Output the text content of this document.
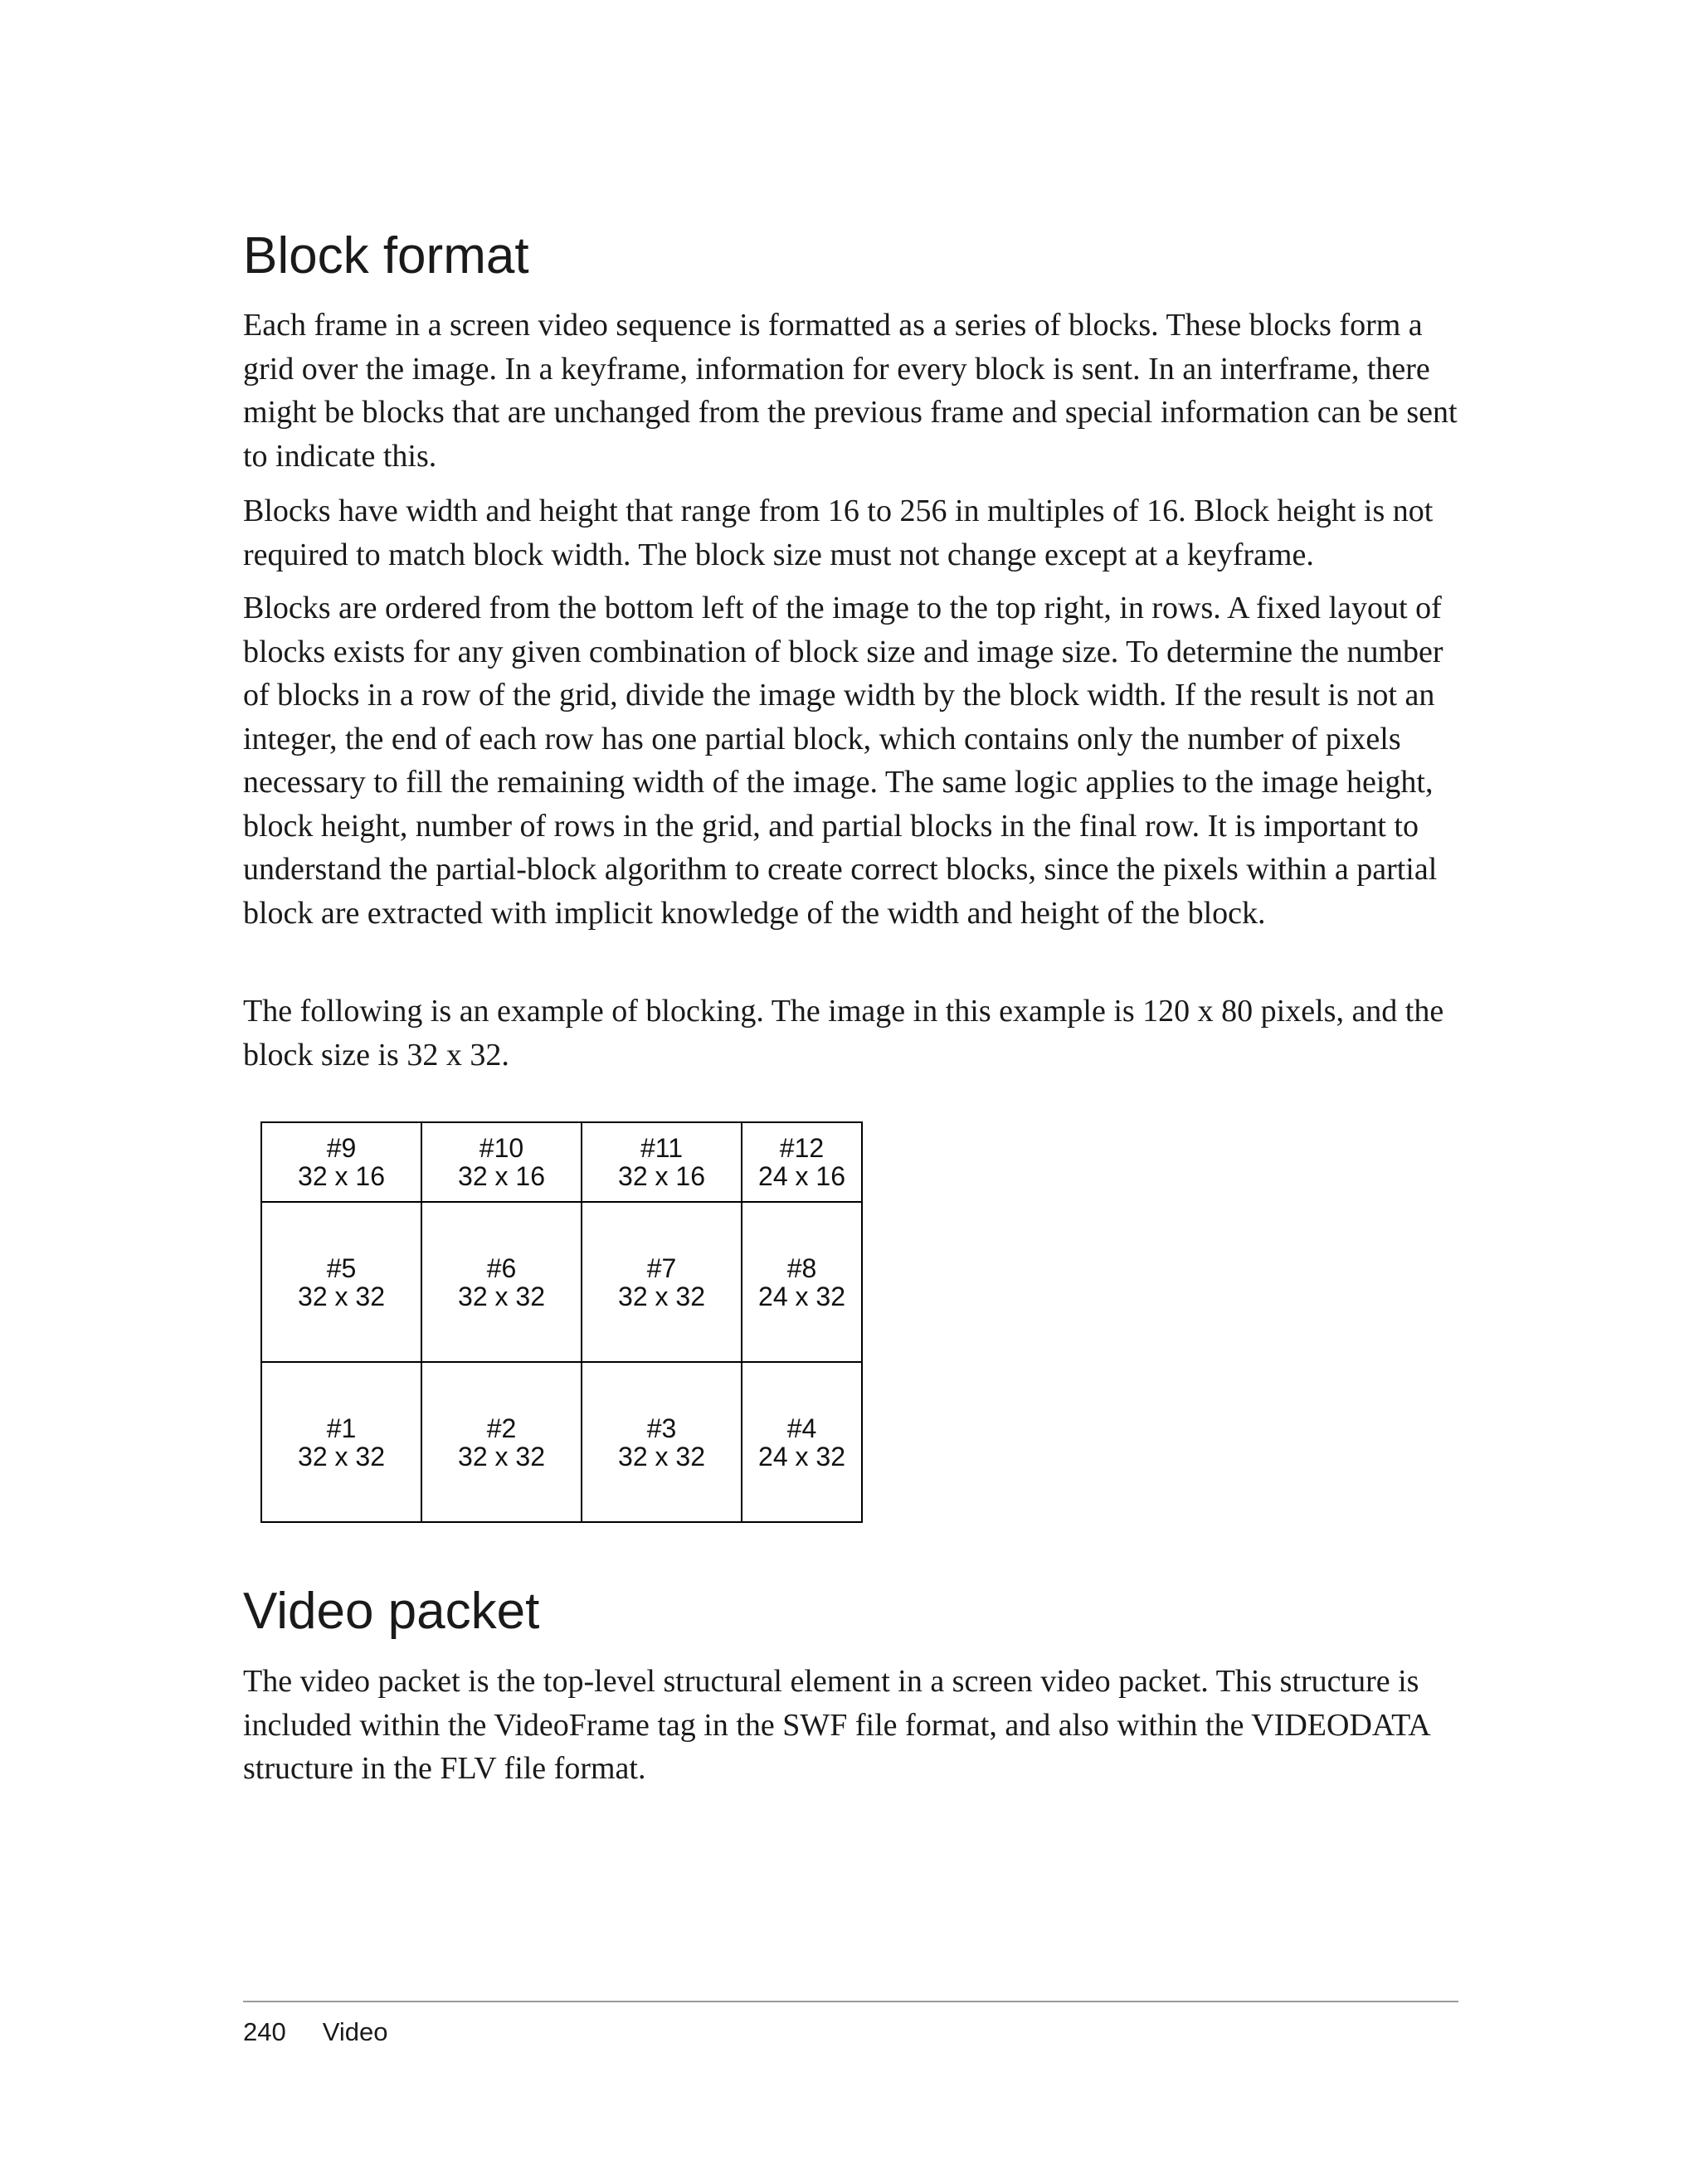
Block format

Each frame in a screen video sequence is formatted as a series of blocks. These blocks form a grid over the image. In a keyframe, information for every block is sent. In an interframe, there might be blocks that are unchanged from the previous frame and special information can be sent to indicate this.

Blocks have width and height that range from 16 to 256 in multiples of 16. Block height is not required to match block width. The block size must not change except at a keyframe.

Blocks are ordered from the bottom left of the image to the top right, in rows. A fixed layout of blocks exists for any given combination of block size and image size. To determine the number of blocks in a row of the grid, divide the image width by the block width. If the result is not an integer, the end of each row has one partial block, which contains only the number of pixels necessary to fill the remaining width of the image. The same logic applies to the image height, block height, number of rows in the grid, and partial blocks in the final row. It is important to understand the partial-block algorithm to create correct blocks, since the pixels within a partial block are extracted with implicit knowledge of the width and height of the block.

The following is an example of blocking. The image in this example is 120 x 80 pixels, and the block size is 32 x 32.

#9
32 x 16
#10
32 x 16
#11
32 x 16
#12
24 x 16
#5
32 x 32
#6
32 x 32
#7
32 x 32
#8
24 x 32
#1
32 x 32
#2
32 x 32
#3
32 x 32
#4
24 x 32
Video packet

The video packet is the top-level structural element in a screen video packet. This structure is included within the VideoFrame tag in the SWF file format, and also within the VIDEODATA structure in the FLV file format.

240 Video
